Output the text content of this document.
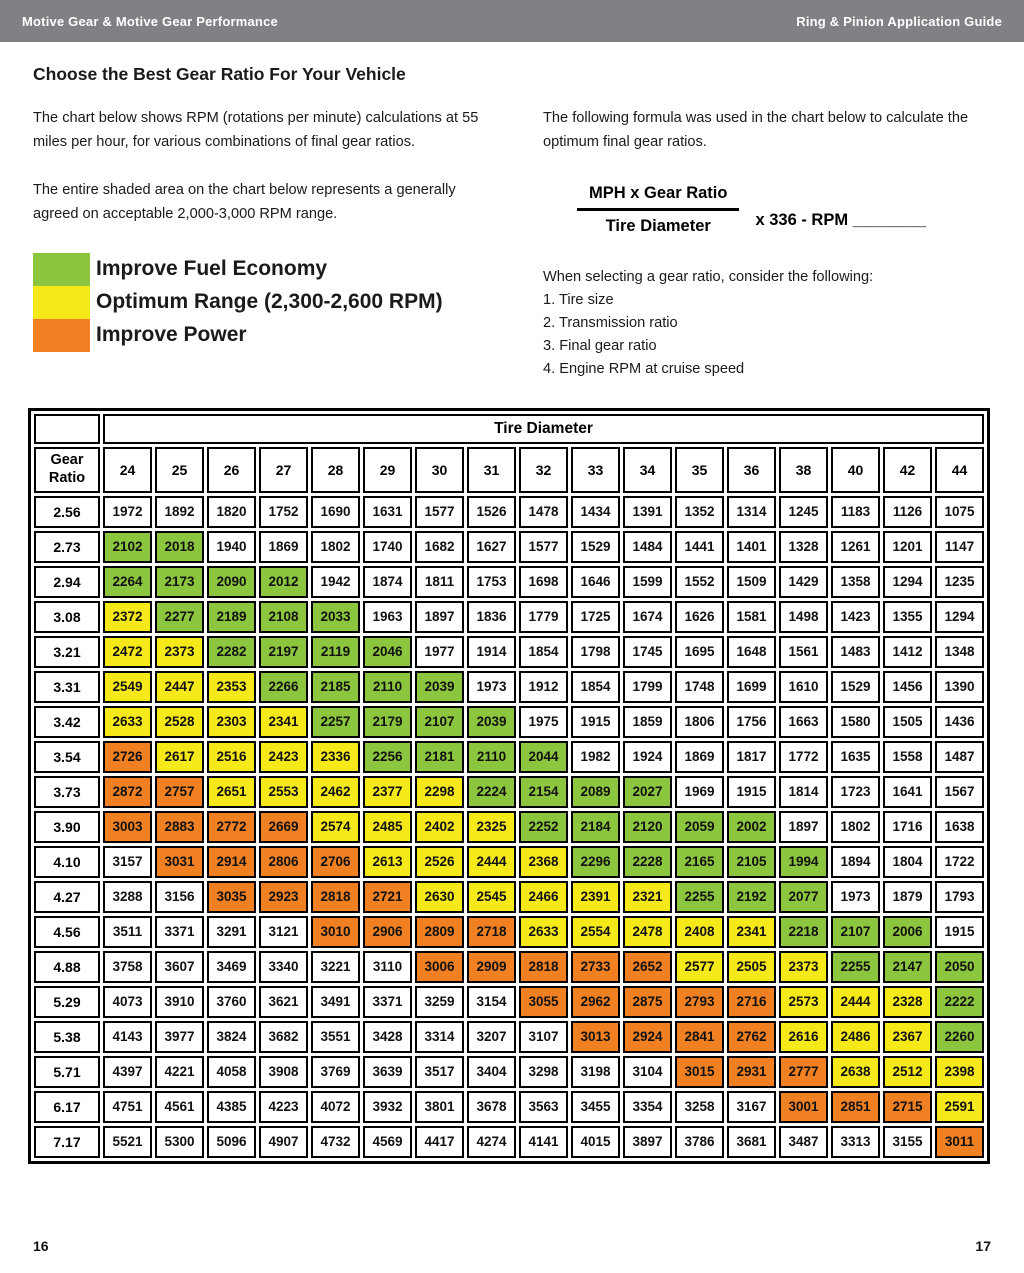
Motive Gear & Motive Gear Performance	Ring & Pinion Application Guide
Choose the Best Gear Ratio For Your Vehicle

The chart below shows RPM (rotations per minute) calculations at 55 miles per hour, for various combinations of final gear ratios.

The entire shaded area on the chart below represents a generally agreed on acceptable 2,000-3,000 RPM range.

Improve Fuel Economy
Optimum Range (2,300-2,600 RPM)
Improve Power

The following formula was used in the chart below to calculate the optimum final gear ratios.

$\frac{\text{MPH x Gear Ratio}}{\text{Tire Diameter}}$ x 336 - RPM ________

When selecting a gear ratio, consider the following:

1. Tire size
2. Transmission ratio
3. Final gear ratio
4. Engine RPM at cruise speed
	Tire Diameter																
Gear Ratio	24	25	26	27	28	29	30	31	32	33	34	35	36	38	40	42	44
2.56	1972	1892	1820	1752	1690	1631	1577	1526	1478	1434	1391	1352	1314	1245	1183	1126	1075
2.73	2102	2018	1940	1869	1802	1740	1682	1627	1577	1529	1484	1441	1401	1328	1261	1201	1147
2.94	2264	2173	2090	2012	1942	1874	1811	1753	1698	1646	1599	1552	1509	1429	1358	1294	1235
3.08	2372	2277	2189	2108	2033	1963	1897	1836	1779	1725	1674	1626	1581	1498	1423	1355	1294
3.21	2472	2373	2282	2197	2119	2046	1977	1914	1854	1798	1745	1695	1648	1561	1483	1412	1348
3.31	2549	2447	2353	2266	2185	2110	2039	1973	1912	1854	1799	1748	1699	1610	1529	1456	1390
3.42	2633	2528	2303	2341	2257	2179	2107	2039	1975	1915	1859	1806	1756	1663	1580	1505	1436
3.54	2726	2617	2516	2423	2336	2256	2181	2110	2044	1982	1924	1869	1817	1772	1635	1558	1487
3.73	2872	2757	2651	2553	2462	2377	2298	2224	2154	2089	2027	1969	1915	1814	1723	1641	1567
3.90	3003	2883	2772	2669	2574	2485	2402	2325	2252	2184	2120	2059	2002	1897	1802	1716	1638
4.10	3157	3031	2914	2806	2706	2613	2526	2444	2368	2296	2228	2165	2105	1994	1894	1804	1722
4.27	3288	3156	3035	2923	2818	2721	2630	2545	2466	2391	2321	2255	2192	2077	1973	1879	1793
4.56	3511	3371	3291	3121	3010	2906	2809	2718	2633	2554	2478	2408	2341	2218	2107	2006	1915
4.88	3758	3607	3469	3340	3221	3110	3006	2909	2818	2733	2652	2577	2505	2373	2255	2147	2050
5.29	4073	3910	3760	3621	3491	3371	3259	3154	3055	2962	2875	2793	2716	2573	2444	2328	2222
5.38	4143	3977	3824	3682	3551	3428	3314	3207	3107	3013	2924	2841	2762	2616	2486	2367	2260
5.71	4397	4221	4058	3908	3769	3639	3517	3404	3298	3198	3104	3015	2931	2777	2638	2512	2398
6.17	4751	4561	4385	4223	4072	3932	3801	3678	3563	3455	3354	3258	3167	3001	2851	2715	2591
7.17	5521	5300	5096	4907	4732	4569	4417	4274	4141	4015	3897	3786	3681	3487	3313	3155	3011
16	17
